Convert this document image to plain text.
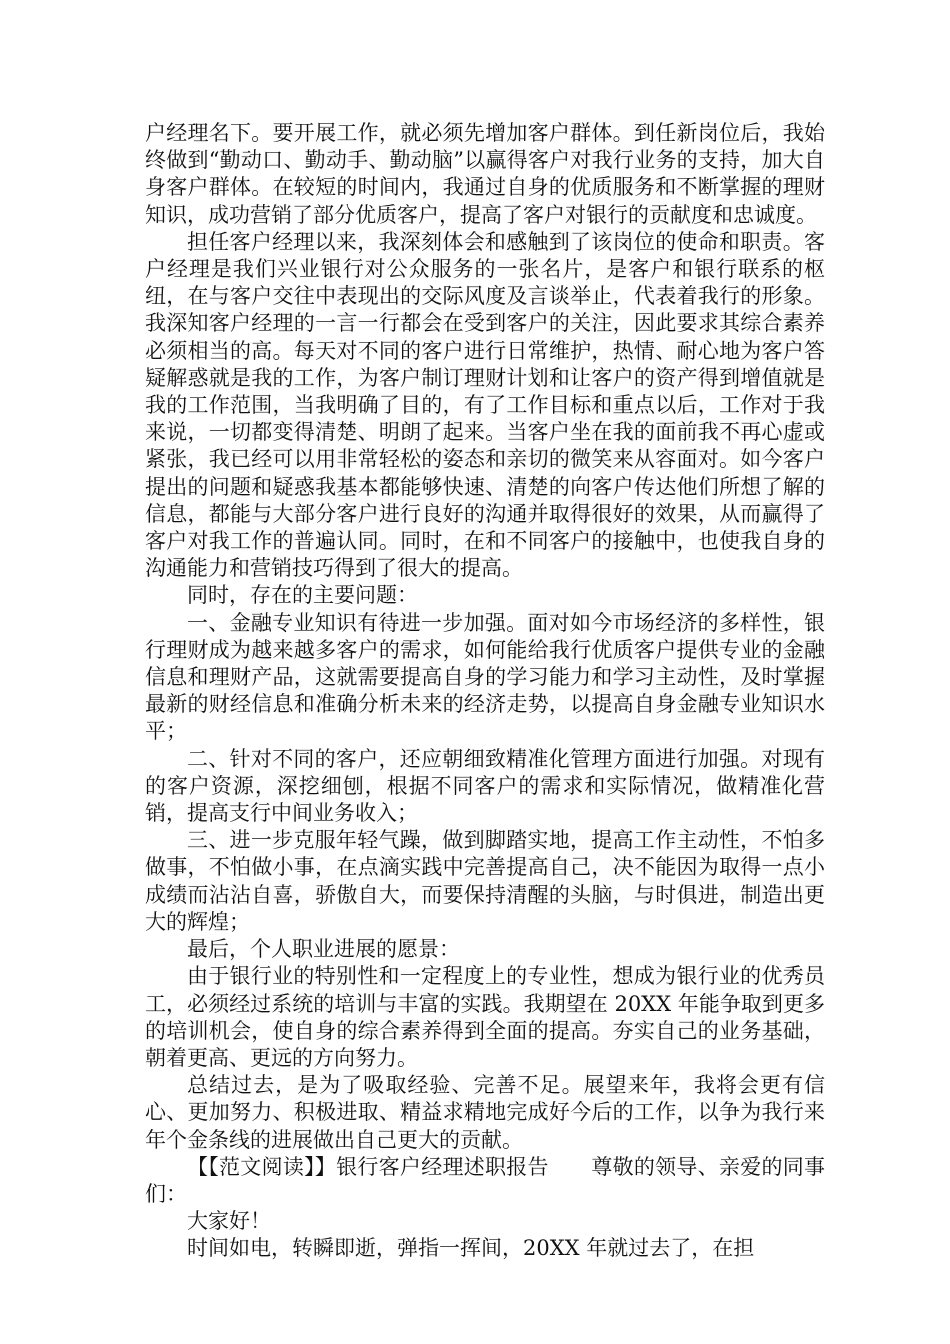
户经理名下。要开展工作，就必须先增加客户群体。到任新岗位后，我始终做到“勤动口、勤动手、勤动脑”以赢得客户对我行业务的支持，加大自身客户群体。在较短的时间内，我通过自身的优质服务和不断掌握的理财知识，成功营销了部分优质客户，提高了客户对银行的贡献度和忠诚度。

担任客户经理以来，我深刻体会和感触到了该岗位的使命和职责。客户经理是我们兴业银行对公众服务的一张名片，是客户和银行联系的枢纽，在与客户交往中表现出的交际风度及言谈举止，代表着我行的形象。我深知客户经理的一言一行都会在受到客户的关注，因此要求其综合素养必须相当的高。每天对不同的客户进行日常维护，热情、耐心地为客户答疑解惑就是我的工作，为客户制订理财计划和让客户的资产得到增值就是我的工作范围，当我明确了目的，有了工作目标和重点以后，工作对于我来说，一切都变得清楚、明朗了起来。当客户坐在我的面前我不再心虚或紧张，我已经可以用非常轻松的姿态和亲切的微笑来从容面对。如今客户提出的问题和疑惑我基本都能够快速、清楚的向客户传达他们所想了解的信息，都能与大部分客户进行良好的沟通并取得很好的效果，从而赢得了客户对我工作的普遍认同。同时，在和不同客户的接触中，也使我自身的沟通能力和营销技巧得到了很大的提高。

同时，存在的主要问题：

一、金融专业知识有待进一步加强。面对如今市场经济的多样性，银行理财成为越来越多客户的需求，如何能给我行优质客户提供专业的金融信息和理财产品，这就需要提高自身的学习能力和学习主动性，及时掌握最新的财经信息和准确分析未来的经济走势，以提高自身金融专业知识水平；

二、针对不同的客户，还应朝细致精准化管理方面进行加强。对现有的客户资源，深挖细刨，根据不同客户的需求和实际情况，做精准化营销，提高支行中间业务收入；

三、进一步克服年轻气躁，做到脚踏实地，提高工作主动性，不怕多做事，不怕做小事，在点滴实践中完善提高自己，决不能因为取得一点小成绩而沾沾自喜，骄傲自大，而要保持清醒的头脑，与时俱进，制造出更大的辉煌；

最后，个人职业进展的愿景：

由于银行业的特别性和一定程度上的专业性，想成为银行业的优秀员工，必须经过系统的培训与丰富的实践。我期望在 20XX 年能争取到更多的培训机会，使自身的综合素养得到全面的提高。夯实自己的业务基础，朝着更高、更远的方向努力。

总结过去，是为了吸取经验、完善不足。展望来年，我将会更有信心、更加努力、积极进取、精益求精地完成好今后的工作，以争为我行来年个金条线的进展做出自己更大的贡献。

【【范文阅读】】银行客户经理述职报告　　尊敬的领导、亲爱的同事们：

大家好！

时间如电，转瞬即逝，弹指一挥间，20XX 年就过去了，在担
